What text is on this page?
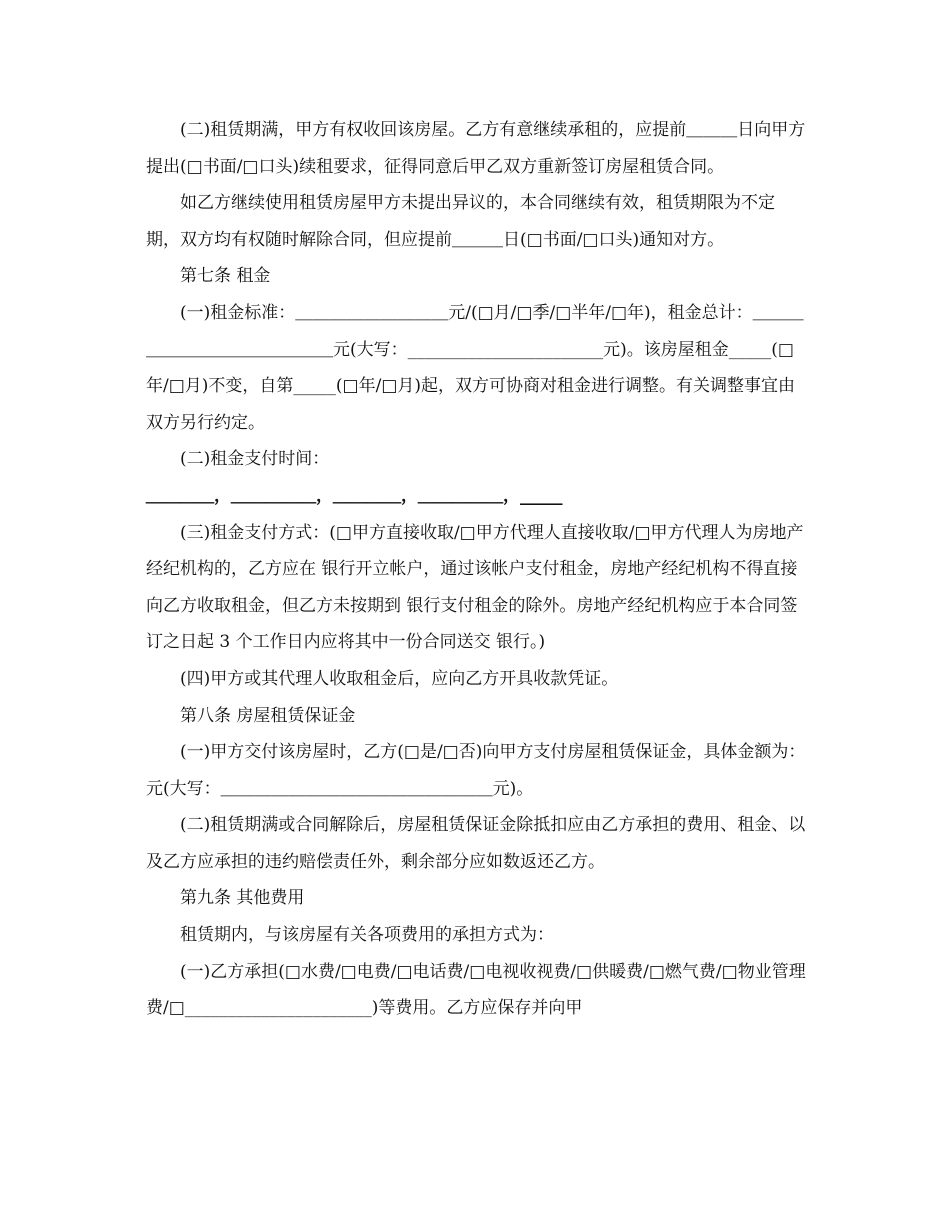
(二)租赁期满，甲方有权收回该房屋。乙方有意继续承租的，应提前＿＿＿日向甲方提出(□书面/□口头)续租要求，征得同意后甲乙双方重新签订房屋租赁合同。

如乙方继续使用租赁房屋甲方未提出异议的，本合同继续有效，租赁期限为不定期，双方均有权随时解除合同，但应提前＿＿＿日(□书面/□口头)通知对方。

第七条 租金

(一)租金标准：＿＿＿＿＿＿＿＿＿元/(□月/□季/□半年/□年)，租金总计：＿＿＿＿＿＿＿＿＿＿＿＿＿＿元(大写：_______________________元)。该房屋租金_____(□年/□月)不变，自第_____(□年/□月)起，双方可协商对租金进行调整。有关调整事宜由双方另行约定。

(二)租金支付时间：

＿＿＿＿，＿＿＿＿＿，＿＿＿＿，＿＿＿＿＿，_____

(三)租金支付方式：(□甲方直接收取/□甲方代理人直接收取/□甲方代理人为房地产经纪机构的，乙方应在 银行开立帐户，通过该帐户支付租金，房地产经纪机构不得直接向乙方收取租金，但乙方未按期到 银行支付租金的除外。房地产经纪机构应于本合同签订之日起 3 个工作日内应将其中一份合同送交 银行。)

(四)甲方或其代理人收取租金后，应向乙方开具收款凭证。

第八条 房屋租赁保证金

(一)甲方交付该房屋时，乙方(□是/□否)向甲方支付房屋租赁保证金，具体金额为： 元(大写：＿＿＿＿＿＿＿＿＿＿＿＿＿＿＿＿元)。

(二)租赁期满或合同解除后，房屋租赁保证金除抵扣应由乙方承担的费用、租金、以及乙方应承担的违约赔偿责任外，剩余部分应如数返还乙方。

第九条 其他费用

租赁期内，与该房屋有关各项费用的承担方式为：

(一)乙方承担(□水费/□电费/□电话费/□电视收视费/□供暖费/□燃气费/□物业管理费/□______________________)等费用。乙方应保存并向甲
